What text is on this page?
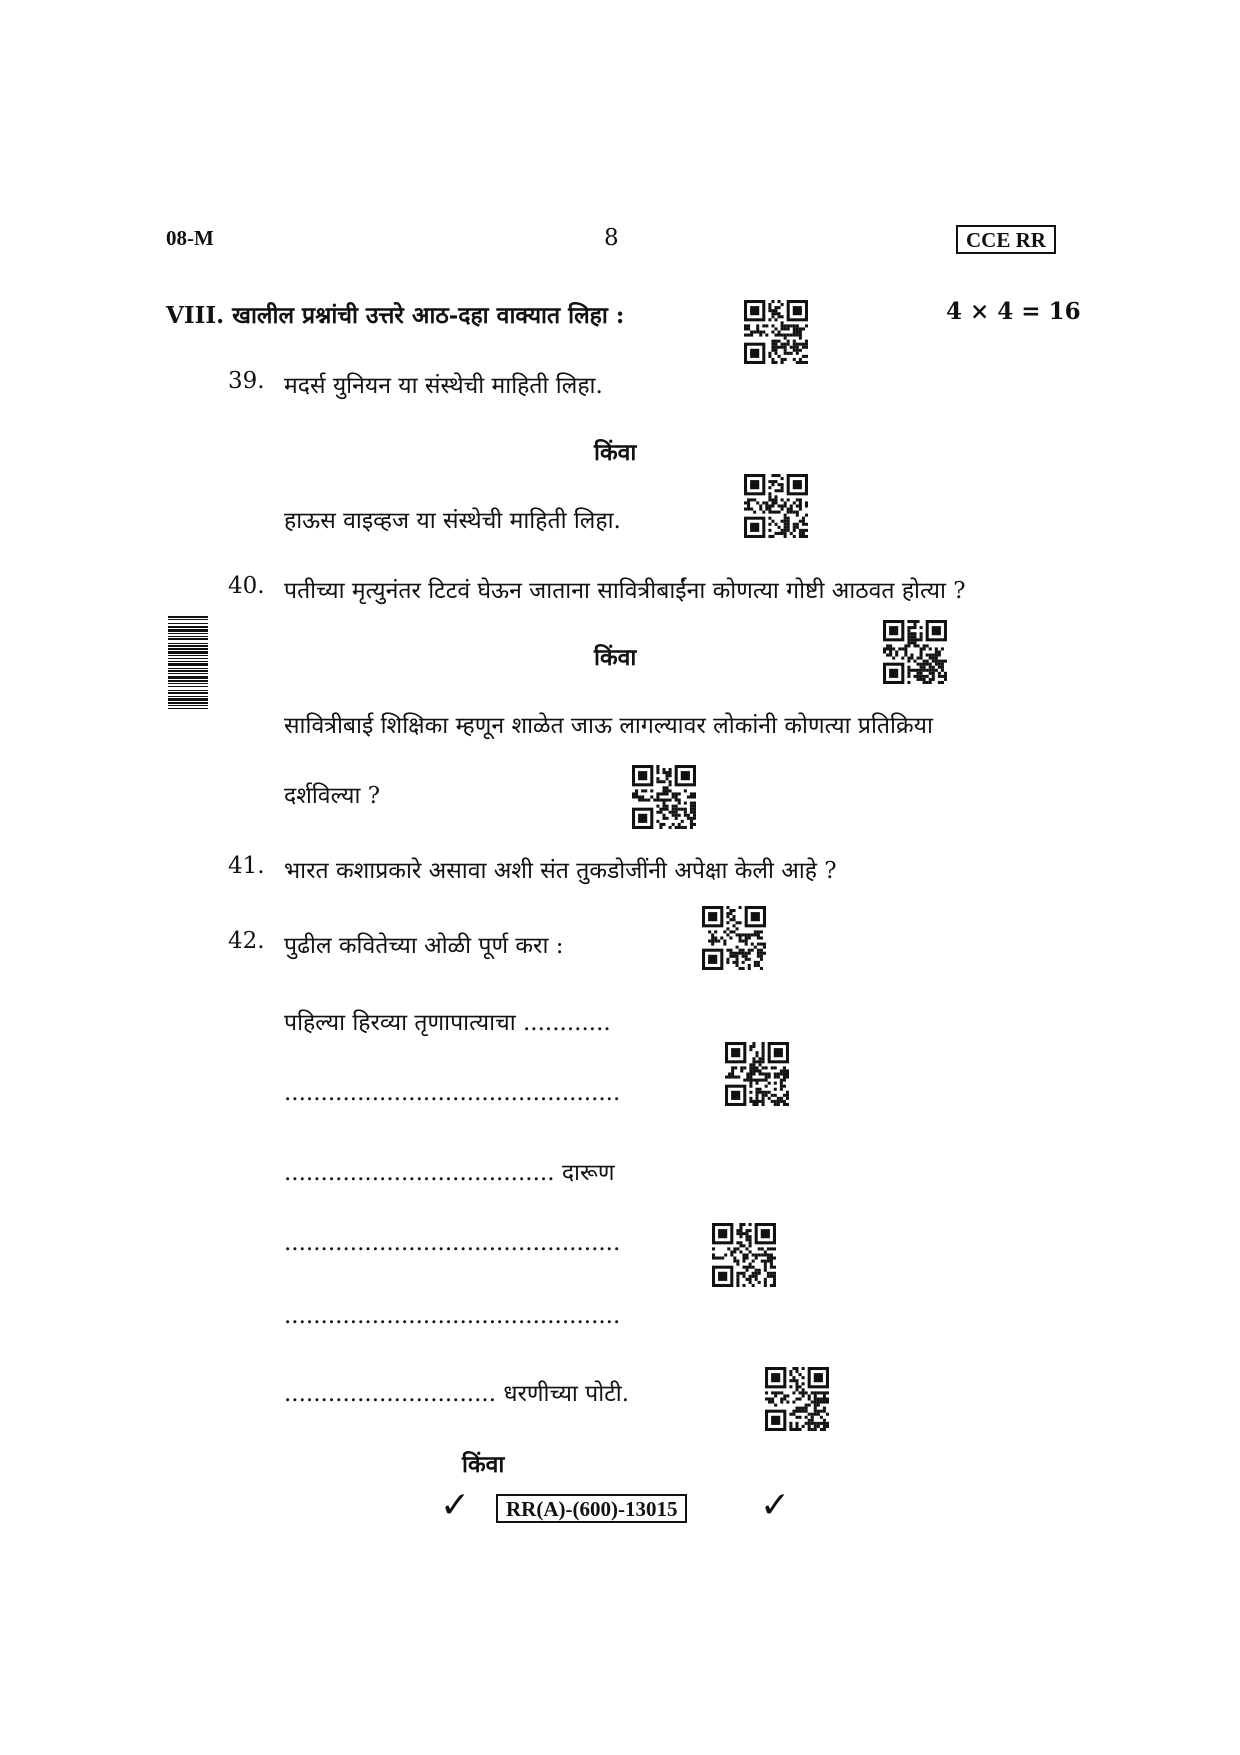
08-M	8	CCE RR
VIII. खालील प्रश्नांची उत्तरे आठ-दहा वाक्यात लिहा :	4 × 4 = 16
39. मदर्स युनियन या संस्थेची माहिती लिहा.
किंवा
हाऊस वाइव्हज या संस्थेची माहिती लिहा.
40. पतीच्या मृत्युनंतर टिटवं घेऊन जाताना सावित्रीबाईंना कोणत्या गोष्टी आठवत होत्या ?
किंवा
सावित्रीबाई शिक्षिका म्हणून शाळेत जाऊ लागल्यावर लोकांनी कोणत्या प्रतिक्रिया
दर्शविल्या ?
41. भारत कशाप्रकारे असावा अशी संत तुकडोजींनी अपेक्षा केली आहे ?
42. पुढील कवितेच्या ओळी पूर्ण करा :
पहिल्या हिरव्या तृणापात्याचा ............
..............................................
..................................... दारूण
..............................................
..............................................
............................. धरणीच्या पोटी.
किंवा
✓	RR(A)-(600)-13015 ✓
